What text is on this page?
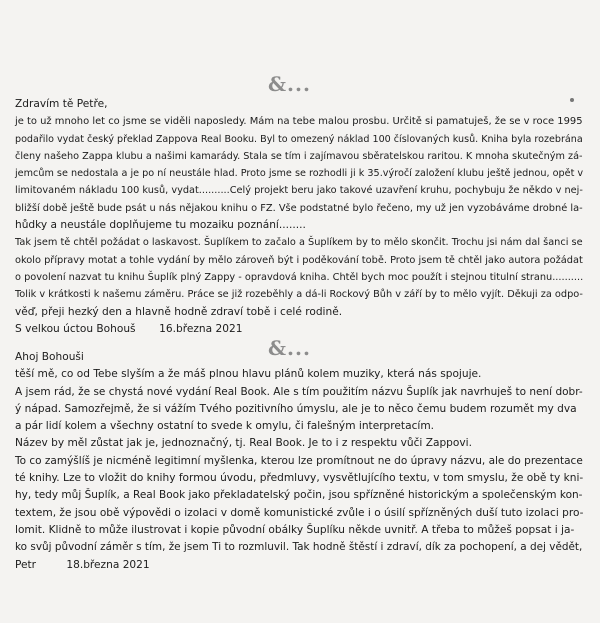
&...
Zdravím tě Petře,
je to už mnoho let co jsme se viděli naposledy. Mám na tebe malou prosbu. Určitě si pamatuješ, že se v roce 1995
podařilo vydat český překlad Zappova Real Booku. Byl to omezený náklad 100 číslovaných kusů. Kniha byla rozebrána
členy našeho Zappa klubu a našimi kamarády. Stala se tím i zajímavou sběratelskou raritou. K mnoha skutečným zá-
jemcům se nedostala a je po ní neustále hlad. Proto jsme se rozhodli ji k 35.výročí založení klubu ještě jednou, opět v
limitovaném nákladu 100 kusů, vydat..........Celý projekt beru jako takové uzavření kruhu, pochybuju že někdo v nej-
bližší době ještě bude psát u nás nějakou knihu o FZ. Vše podstatné bylo řečeno, my už jen vyzobáváme drobné la-
hůdky a neustále doplňujeme tu mozaiku poznání........
Tak jsem tě chtěl požádat o laskavost. Šuplíkem to začalo a Šuplíkem by to mělo skončit. Trochu jsi nám dal šanci se
okolo přípravy motat a tohle vydání by mělo zároveň být i poděkování tobě. Proto jsem tě chtěl jako autora požádat
o povolení nazvat tu knihu Šuplík plný Zappy - opravdová kniha. Chtěl bych moc použít i stejnou titulní stranu..........
Tolik v krátkosti k našemu záměru. Práce se již rozeběhly a dá-li Rockový Bůh v září by to mělo vyjít. Děkuji za odpo-
věď, přeji hezký den a hlavně hodně zdraví tobě i celé rodině.
S velkou úctou Bohouš       16.března 2021
&...
Ahoj Bohouši
těší mě, co od Tebe slyším a že máš plnou hlavu plánů kolem muziky, která nás spojuje.
A jsem rád, že se chystá nové vydání Real Book. Ale s tím použitím názvu Šuplík jak navrhuješ to není dobr-
ý nápad. Samozřejmě, že si vážím Tvého pozitivního úmyslu, ale je to něco čemu budem rozumět my dva
a pár lidí kolem a všechny ostatní to svede k omylu, či falešným interpretacím.
Název by měl zůstat jak je, jednoznačný, tj. Real Book. Je to i z respektu vůči Zappovi.
To co zamýšlíš je nicméně legitimní myšlenka, kterou lze promítnout ne do úpravy názvu, ale do prezentace
té knihy. Lze to vložit do knihy formou úvodu, předmluvy, vysvětlujícího textu, v tom smyslu, že obě ty kni-
hy, tedy můj Šuplík, a Real Book jako překladatelský počin, jsou spřízněné historickým a společenským kon-
textem, že jsou obě výpovědi o izolaci v domě komunistické zvůle i o úsilí spřízněných duší tuto izolaci pro-
lomit. Klidně to může ilustrovat i kopie původní obálky Šuplíku někde uvnitř. A třeba to můžeš popsat i ja-
ko svůj původní záměr s tím, že jsem Ti to rozmluvil. Tak hodně štěstí i zdraví, dík za pochopení, a dej vědět,
Petr         18.března 2021
